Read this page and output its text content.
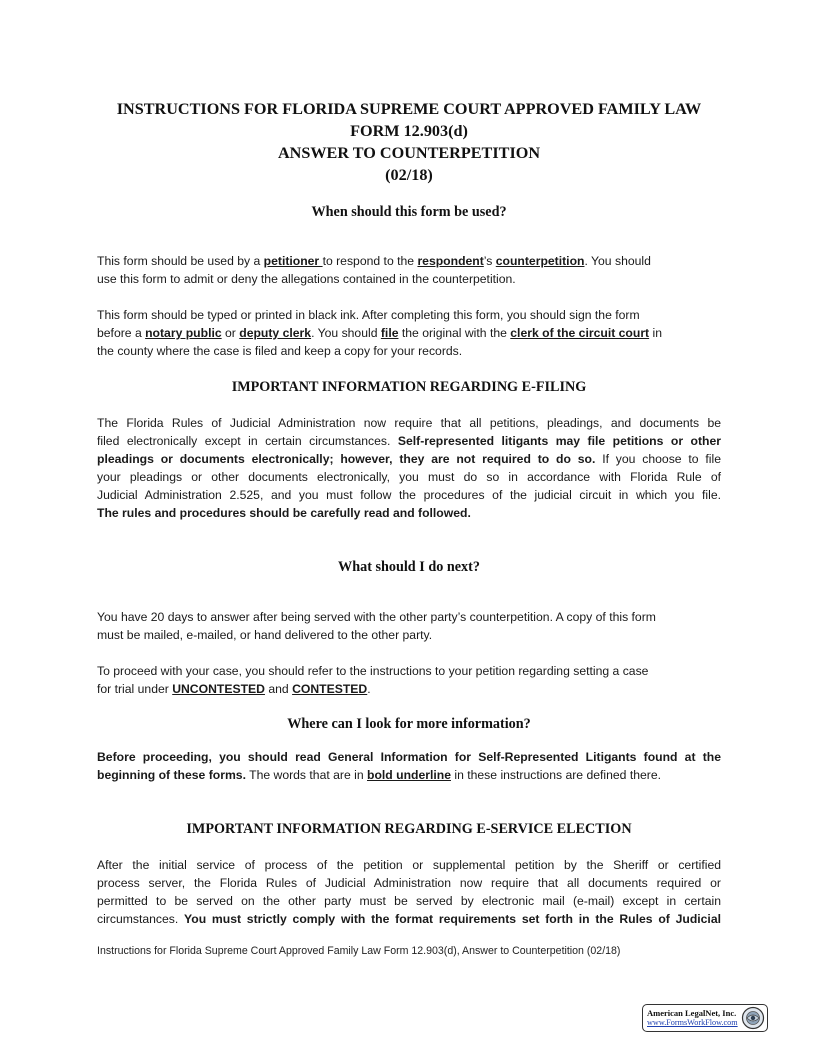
INSTRUCTIONS FOR FLORIDA SUPREME COURT APPROVED FAMILY LAW
FORM 12.903(d)
ANSWER TO COUNTERPETITION
(02/18)
When should this form be used?
This form should be used by a petitioner to respond to the respondent’s counterpetition. You should
use this form to admit or deny the allegations contained in the counterpetition.
This form should be typed or printed in black ink. After completing this form, you should sign the form
before a notary public or deputy clerk. You should file the original with the clerk of the circuit court in
the county where the case is filed and keep a copy for your records.
IMPORTANT INFORMATION REGARDING E-FILING
The Florida Rules of Judicial Administration now require that all petitions, pleadings, and documents be
filed electronically except in certain circumstances. Self-represented litigants may file petitions or other
pleadings or documents electronically; however, they are not required to do so. If you choose to file
your pleadings or other documents electronically, you must do so in accordance with Florida Rule of
Judicial Administration 2.525, and you must follow the procedures of the judicial circuit in which you file.
The rules and procedures should be carefully read and followed.
What should I do next?
You have 20 days to answer after being served with the other party’s counterpetition. A copy of this form
must be mailed, e-mailed, or hand delivered to the other party.
To proceed with your case, you should refer to the instructions to your petition regarding setting a case
for trial under UNCONTESTED and CONTESTED.
Where can I look for more information?
Before proceeding, you should read General Information for Self-Represented Litigants found at the
beginning of these forms. The words that are in bold underline in these instructions are defined there.
IMPORTANT INFORMATION REGARDING E-SERVICE ELECTION
After the initial service of process of the petition or supplemental petition by the Sheriff or certified
process server, the Florida Rules of Judicial Administration now require that all documents required or
permitted to be served on the other party must be served by electronic mail (e-mail) except in certain
circumstances. You must strictly comply with the format requirements set forth in the Rules of Judicial
Instructions for Florida Supreme Court Approved Family Law Form 12.903(d), Answer to Counterpetition (02/18)
American LegalNet, Inc.
www.FormsWorkFlow.com
